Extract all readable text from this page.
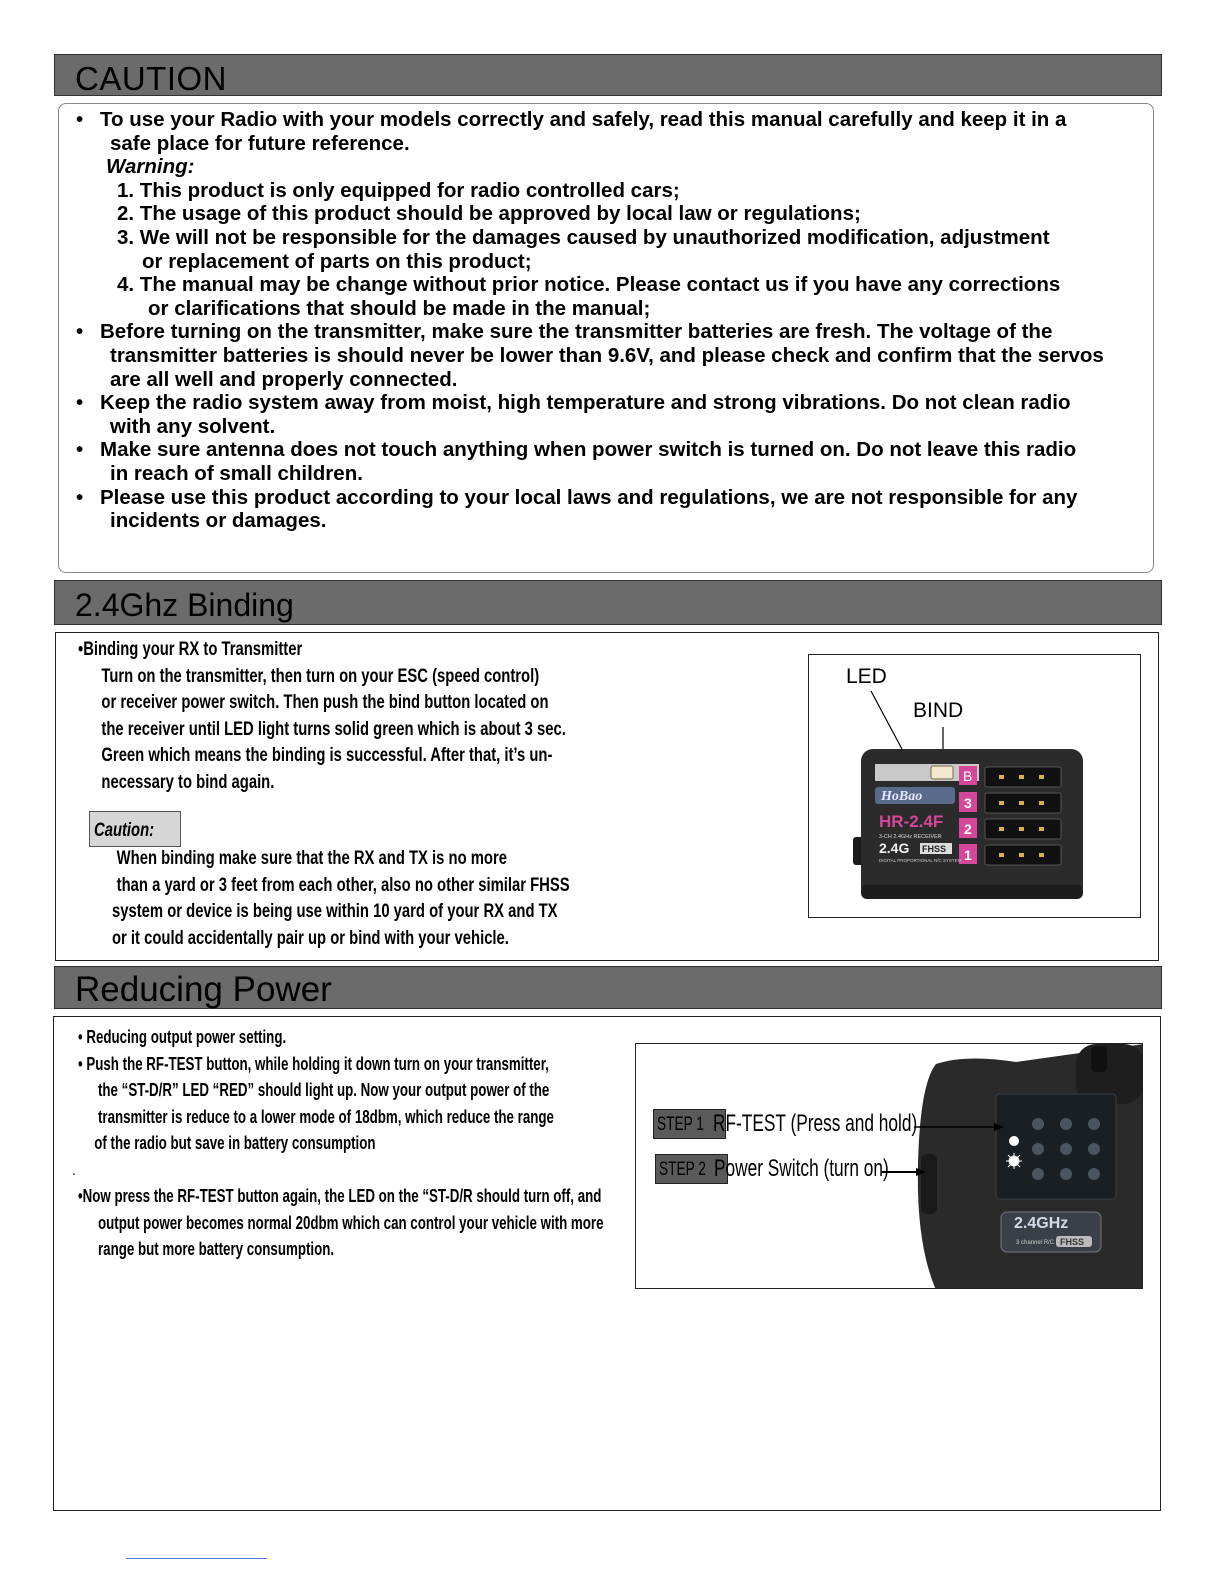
CAUTION
• To use your Radio with your models correctly and safely, read this manual carefully and keep it in a
safe place for future reference.
Warning:
1. This product is only equipped for radio controlled cars;
2. The usage of this product should be approved by local law or regulations;
3. We will not be responsible for the damages caused by unauthorized modification, adjustment
or replacement of parts on this product;
4. The manual may be change without prior notice. Please contact us if you have any corrections
or clarifications that should be made in the manual;
• Before turning on the transmitter, make sure the transmitter batteries are fresh. The voltage of the
transmitter batteries is should never be lower than 9.6V, and please check and confirm that the servos
are all well and properly connected.
• Keep the radio system away from moist, high temperature and strong vibrations. Do not clean radio
with any solvent.
• Make sure antenna does not touch anything when power switch is turned on. Do not leave this radio
in reach of small children.
• Please use this product according to your local laws and regulations, we are not responsible for any
incidents or damages.
2.4Ghz Binding
•Binding your RX to Transmitter
Turn on the transmitter, then turn on your ESC (speed control)
or receiver power switch. Then push the bind button located on
the receiver until LED light turns solid green which is about 3 sec.
Green which means the binding is successful. After that, it’s un-
necessary to bind again.
Caution:
When binding make sure that the RX and TX is no more
than a yard or 3 feet from each other, also no other similar FHSS
system or device is being use within 10 yard of your RX and TX
or it could accidentally pair up or bind with your vehicle.
LED
BIND
HoBao
HR-2.4F
3-CH 2.4GHz RECEIVER
2.4G FHSS
DIGITAL PROPORTIONAL R/C SYSTEM
B
3
2
1
Reducing Power
• Reducing output power setting.
• Push the RF-TEST button, while holding it down turn on your transmitter,
the “ST-D/R” LED “RED” should light up. Now your output power of the
transmitter is reduce to a lower mode of 18dbm, which reduce the range
of the radio but save in battery consumption
•Now press the RF-TEST button again, the LED on the “ST-D/R should turn off, and
output power becomes normal 20dbm which can control your vehicle with more
range but more battery consumption.
.
2.4GHz
3 channel R/C FHSS
STEP 1 RF-TEST (Press and hold)
STEP 2 Power Switch (turn on)
